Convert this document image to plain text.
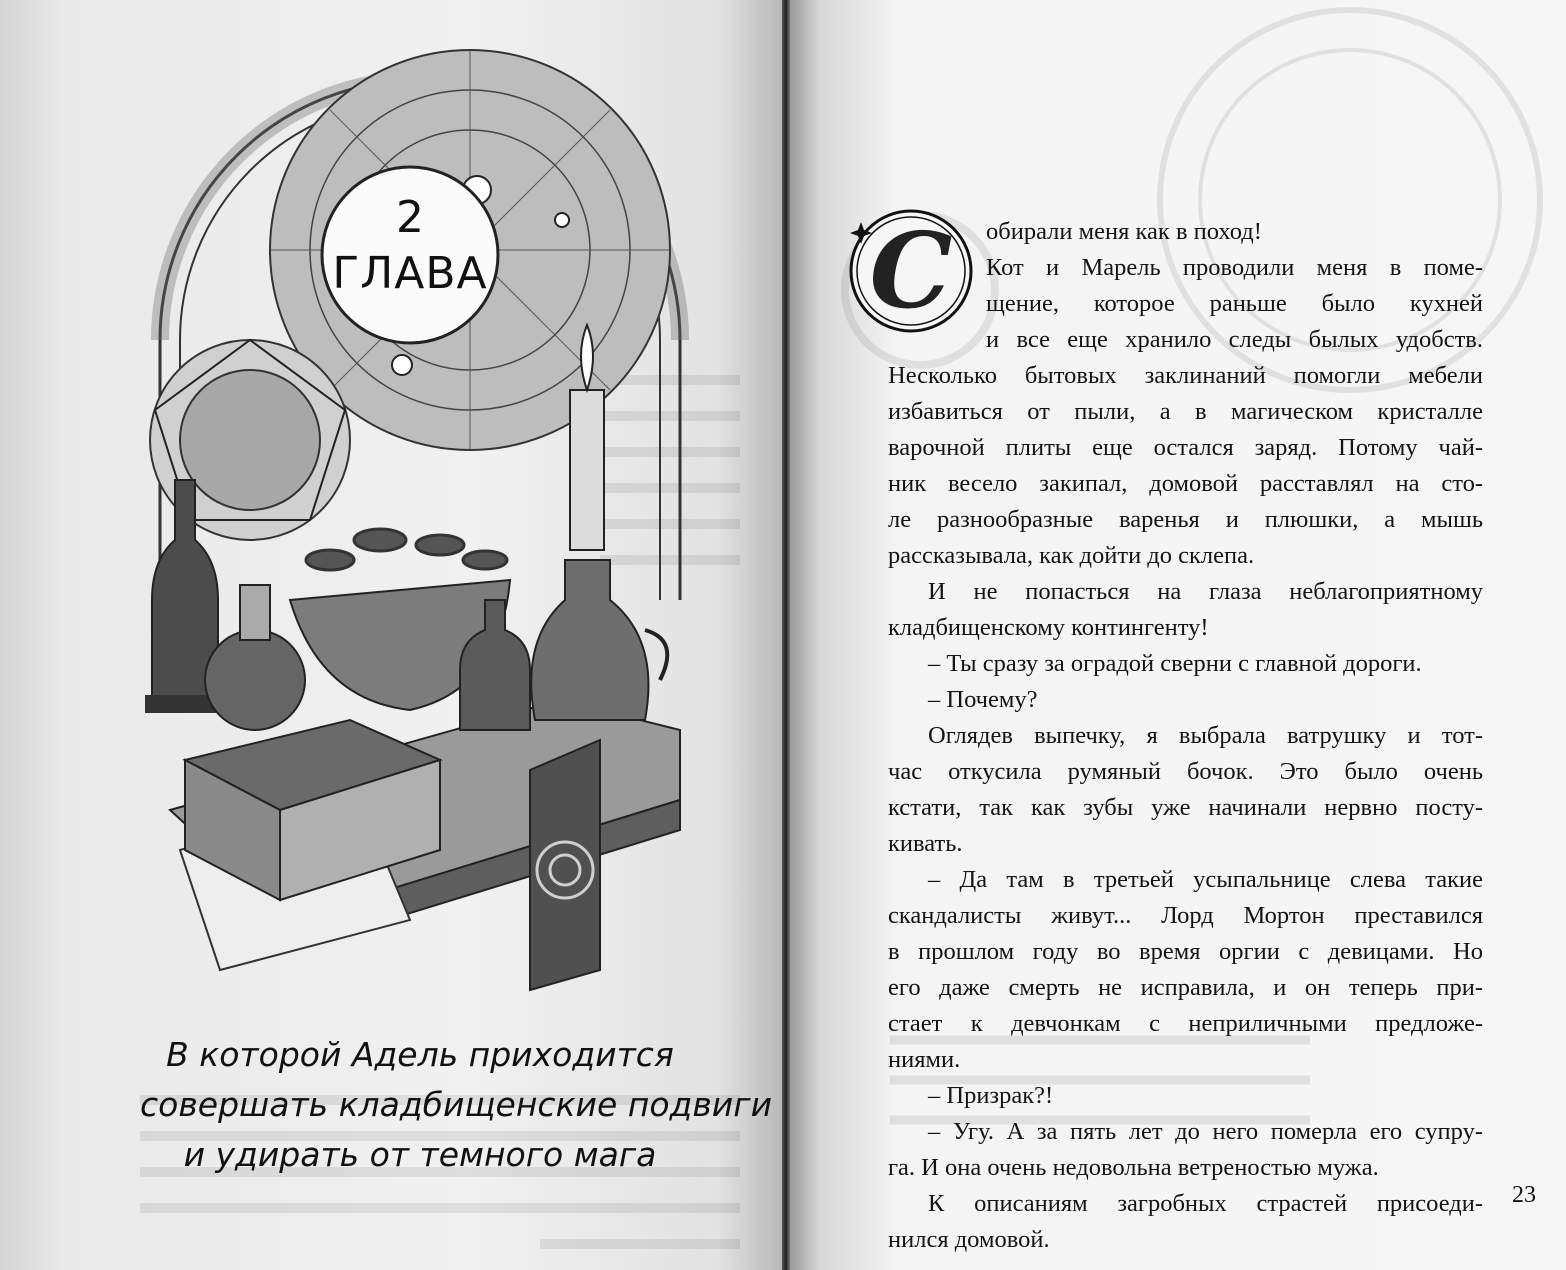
2
ГЛАВА
В которой Адель приходится
совершать кладбищенские подвиги
и удирать от темного мага
С	обирали меня как в поход!
Кот и Марель проводили меня в поме-
щение, которое раньше было кухней
и все еще хранило следы былых удобств.
Несколько бытовых заклинаний помогли мебели
избавиться от пыли, а в магическом кристалле
варочной плиты еще остался заряд. Потому чай-
ник весело закипал, домовой расставлял на сто-
ле разнообразные варенья и плюшки, а мышь
рассказывала, как дойти до склепа.
И не попасться на глаза неблагоприятному
кладбищенскому контингенту!
– Ты сразу за оградой сверни с главной дороги.
– Почему?
Оглядев выпечку, я выбрала ватрушку и тот-
час откусила румяный бочок. Это было очень
кстати, так как зубы уже начинали нервно посту-
кивать.
– Да там в третьей усыпальнице слева такие
скандалисты живут... Лорд Мортон преставился
в прошлом году во время оргии с девицами. Но
его даже смерть не исправила, и он теперь при-
стает к девчонкам с неприличными предложе-
ниями.
– Призрак?!
– Угу. А за пять лет до него померла его супру-
га. И она очень недовольна ветреностью мужа.
К описаниям загробных страстей присоеди-
нился домовой.
23
